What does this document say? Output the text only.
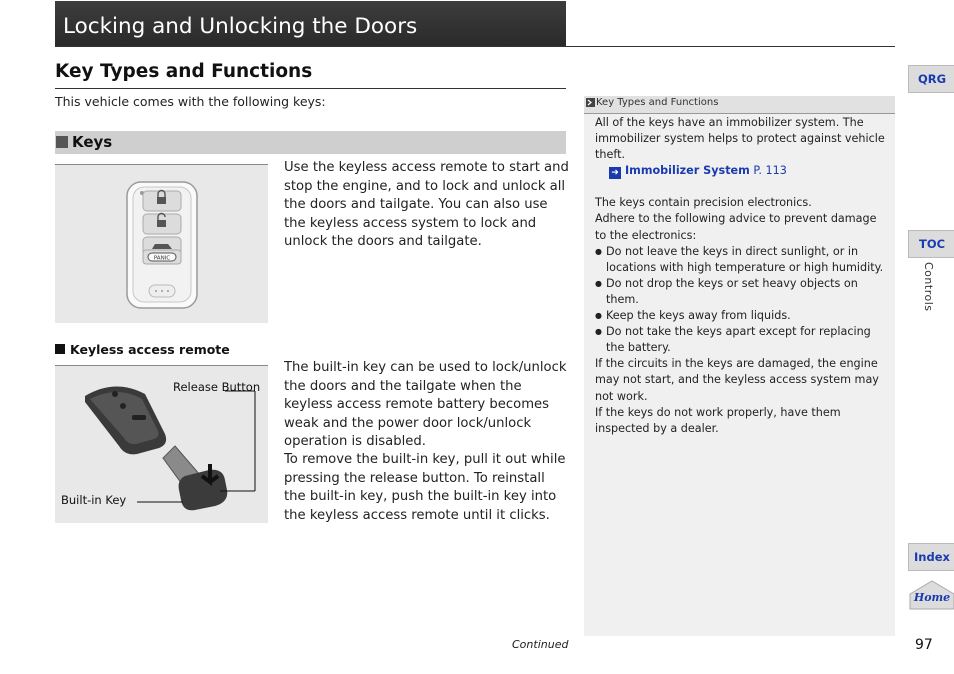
Locking and Unlocking the Doors
Key Types and Functions
This vehicle comes with the following keys:
Keys
PANIC
Use the keyless access remote to start and stop the engine, and to lock and unlock all the doors and tailgate. You can also use the keyless access system to lock and unlock the doors and tailgate.
Keyless access remote
Release Button
Built-in Key
The built-in key can be used to lock/unlock the doors and the tailgate when the keyless access remote battery becomes weak and the power door lock/unlock operation is disabled.
To remove the built-in key, pull it out while pressing the release button. To reinstall the built-in key, push the built-in key into the keyless access remote until it clicks.
Key Types and Functions

All of the keys have an immobilizer system. The immobilizer system helps to protect against vehicle theft.

➜ Immobilizer System P. 113

The keys contain precision electronics.

Adhere to the following advice to prevent damage to the electronics:

● Do not leave the keys in direct sunlight, or in locations with high temperature or high humidity.

● Do not drop the keys or set heavy objects on them.

● Keep the keys away from liquids.

● Do not take the keys apart except for replacing the battery.

If the circuits in the keys are damaged, the engine may not start, and the keyless access system may not work.

If the keys do not work properly, have them inspected by a dealer.

QRG
TOC
Controls
Index
Home
Continued	97
